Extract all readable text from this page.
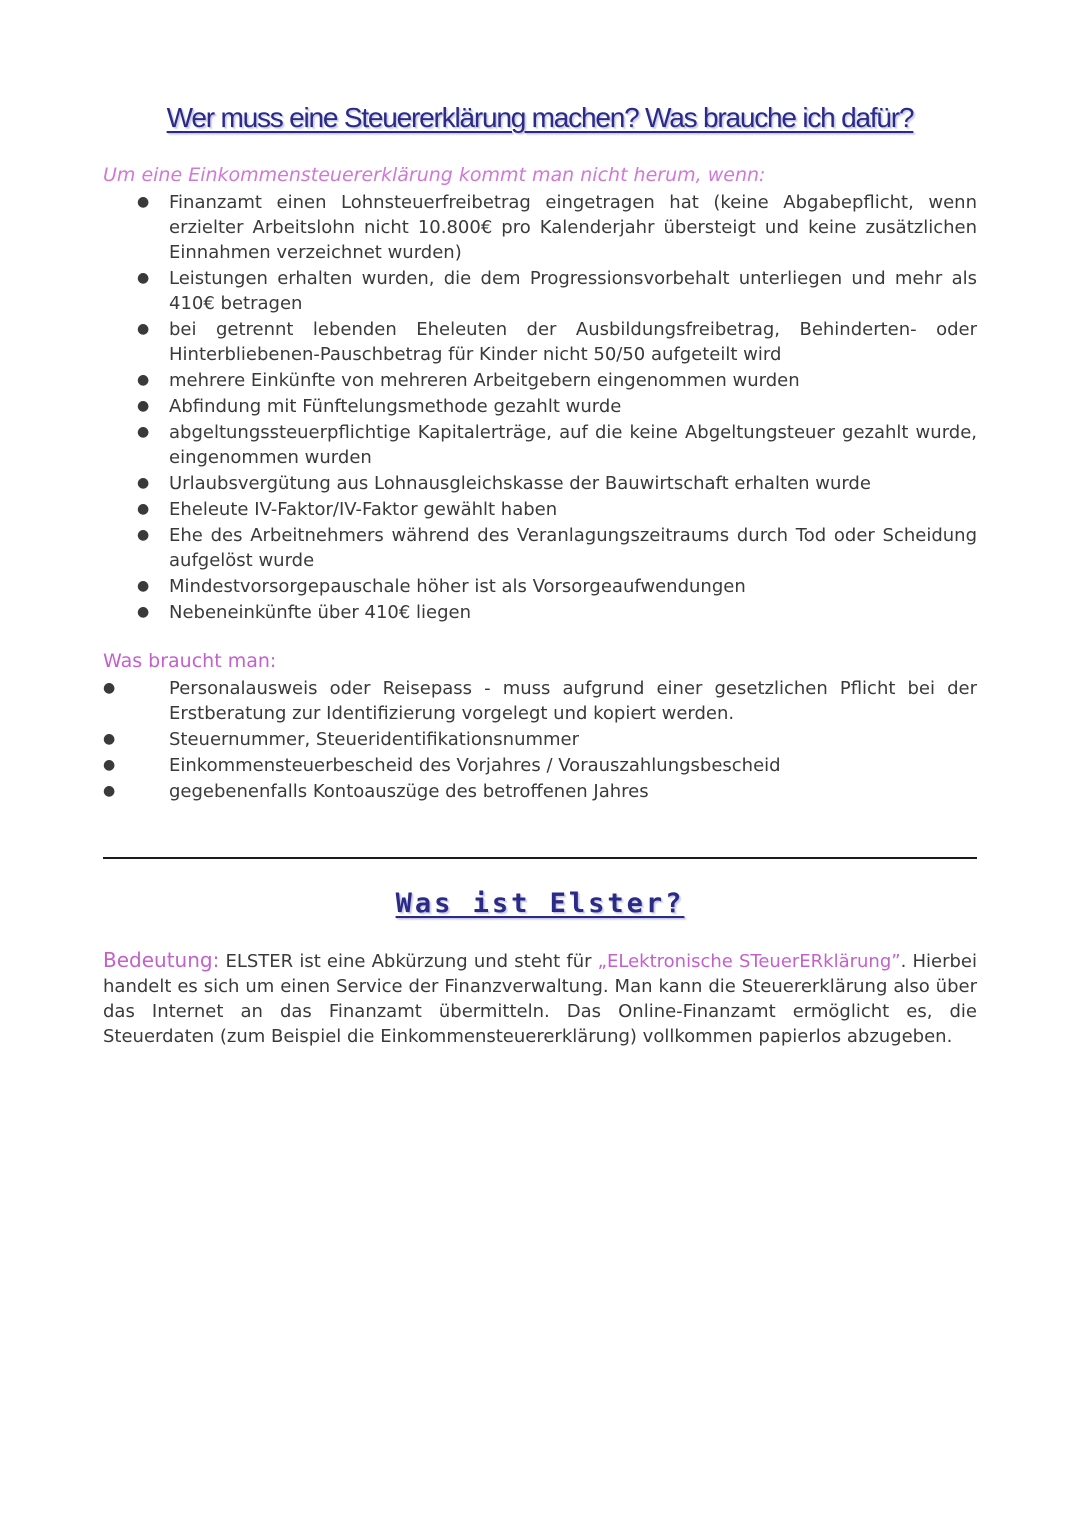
Wer muss eine Steuererklärung machen? Was brauche ich dafür?
Um eine Einkommensteuererklärung kommt man nicht herum, wenn:
● Finanzamt einen Lohnsteuerfreibetrag eingetragen hat (keine Abgabepflicht, wenn erzielter Arbeitslohn nicht 10.800€ pro Kalenderjahr übersteigt und keine zusätzlichen Einnahmen verzeichnet wurden)
● Leistungen erhalten wurden, die dem Progressionsvorbehalt unterliegen und mehr als 410€ betragen
● bei getrennt lebenden Eheleuten der Ausbildungsfreibetrag, Behinderten- oder Hinterbliebenen-Pauschbetrag für Kinder nicht 50/50 aufgeteilt wird
● mehrere Einkünfte von mehreren Arbeitgebern eingenommen wurden
● Abfindung mit Fünftelungsmethode gezahlt wurde
● abgeltungssteuerpflichtige Kapitalerträge, auf die keine Abgeltungsteuer gezahlt wurde, eingenommen wurden
● Urlaubsvergütung aus Lohnausgleichskasse der Bauwirtschaft erhalten wurde
● Eheleute IV-Faktor/IV-Faktor gewählt haben
● Ehe des Arbeitnehmers während des Veranlagungszeitraums durch Tod oder Scheidung aufgelöst wurde
● Mindestvorsorgepauschale höher ist als Vorsorgeaufwendungen
● Nebeneinkünfte über 410€ liegen
Was braucht man:
●	Personalausweis oder Reisepass - muss aufgrund einer gesetzlichen Pflicht bei der Erstberatung zur Identifizierung vorgelegt und kopiert werden.
●	Steuernummer, Steueridentifikationsnummer
●	Einkommensteuerbescheid des Vorjahres / Vorauszahlungsbescheid
●	gegebenenfalls Kontoauszüge des betroffenen Jahres
Was ist Elster?
Bedeutung: ELSTER ist eine Abkürzung und steht für „ELektronische STeuerERklärung”. Hierbei handelt es sich um einen Service der Finanzverwaltung. Man kann die Steuererklärung also über das Internet an das Finanzamt übermitteln. Das Online-Finanzamt ermöglicht es, die Steuerdaten (zum Beispiel die Einkommensteuererklärung) vollkommen papierlos abzugeben.
